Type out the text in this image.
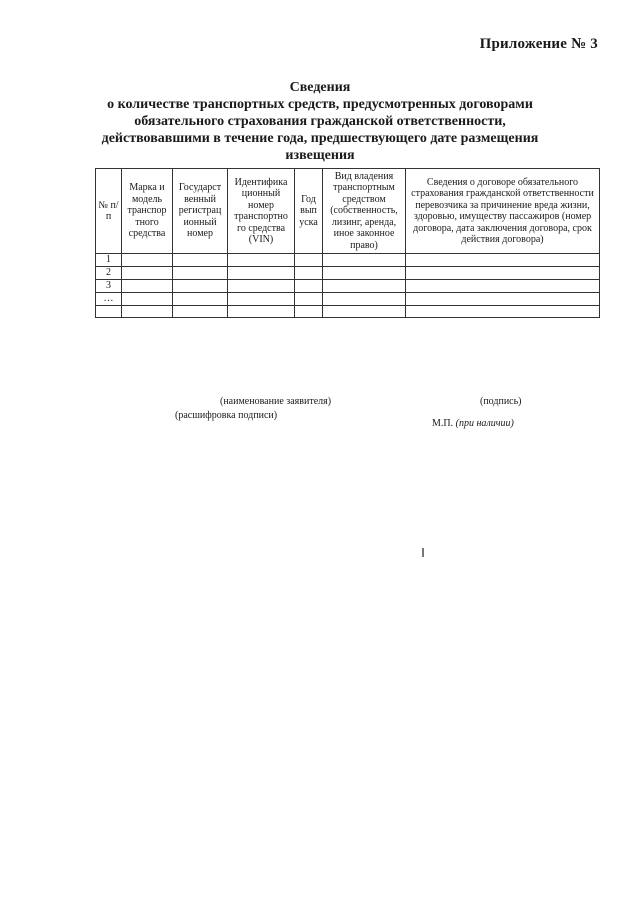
Приложение № 3
Сведения
о количестве транспортных средств, предусмотренных договорами
обязательного страхования гражданской ответственности,
действовавшими в течение года, предшествующего дате размещения
извещения
№ п/п	Марка и модель транспор тного средства	Государст венный регистрац ионный номер	Идентифика ционный номер транспортно го средства (VIN)	Год вып уска	Вид владения транспортным средством (собственность, лизинг, аренда, иное законное право)	Сведения о договоре обязательного страхования гражданской ответственности перевозчика за причинение вреда жизни, здоровью, имуществу пассажиров (номер договора, дата заключения договора, срок действия договора)
1						
2						
3						
…						

(наименование заявителя)	(подпись)
(расшифровка подписи)
М.П. (при наличии)
